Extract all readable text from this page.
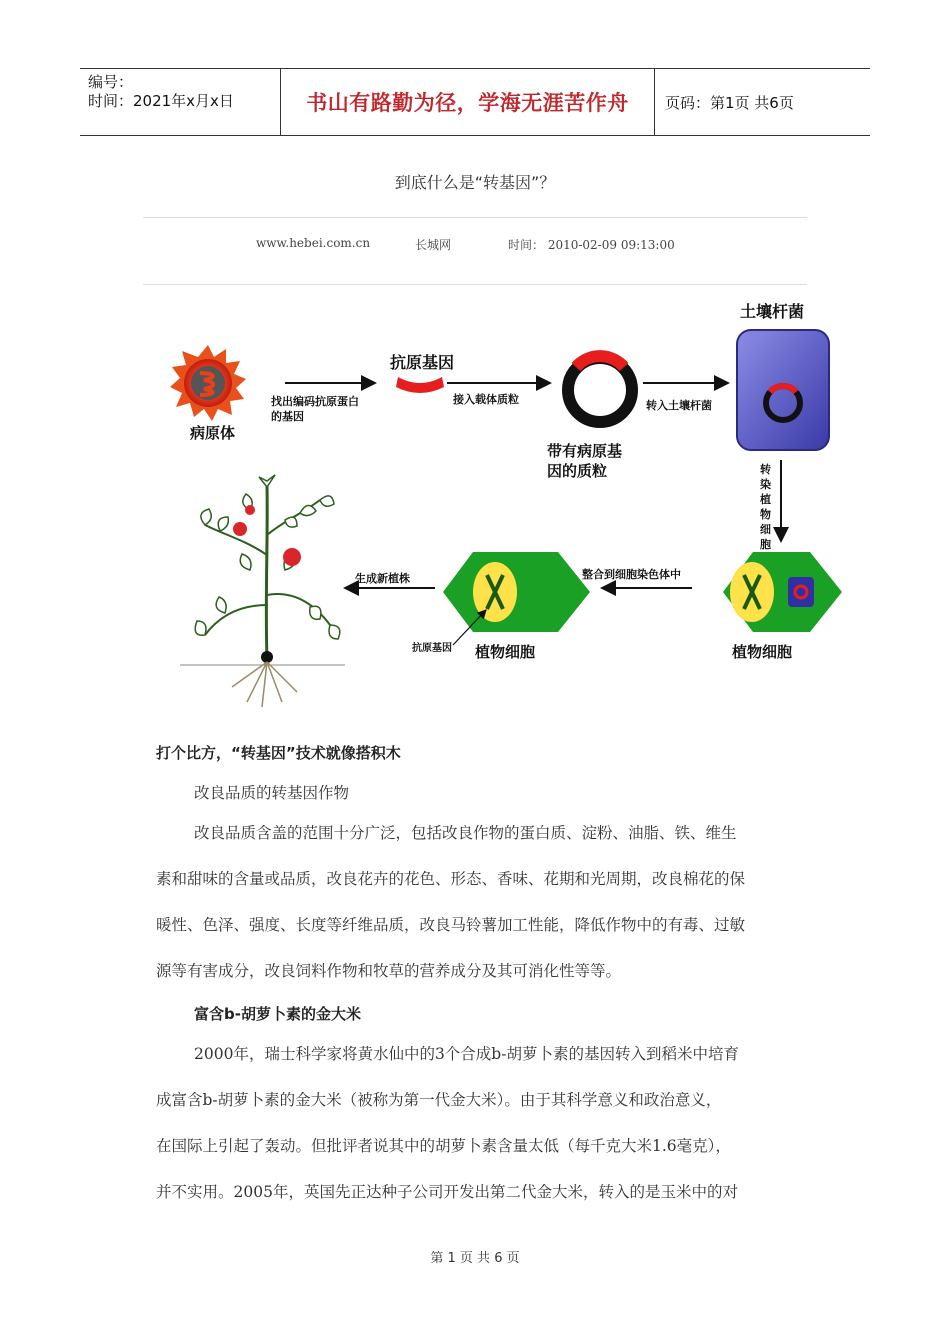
编号：
时间：2021年x月x日	书山有路勤为径，学海无涯苦作舟	页码：第1页 共6页
到底什么是“转基因”？
www.hebei.com.cn	长城网	时间： 2010-02-09 09:13:00
病原体
找出编码抗原蛋白
的基因
抗原基因
接入载体质粒
带有病原基
因的质粒
转入土壤杆菌
土壤杆菌
转染植物细胞
植物细胞
整合到细胞染色体中
植物细胞
抗原基因
生成新植株
打个比方，“转基因”技术就像搭积木
改良品质的转基因作物
改良品质含盖的范围十分广泛，包括改良作物的蛋白质、淀粉、油脂、铁、维生
素和甜味的含量或品质，改良花卉的花色、形态、香味、花期和光周期，改良棉花的保
暖性、色泽、强度、长度等纤维品质，改良马铃薯加工性能，降低作物中的有毒、过敏
源等有害成分，改良饲料作物和牧草的营养成分及其可消化性等等。
富含b-胡萝卜素的金大米
2000年，瑞士科学家将黄水仙中的3个合成b-胡萝卜素的基因转入到稻米中培育
成富含b-胡萝卜素的金大米（被称为第一代金大米）。由于其科学意义和政治意义，
在国际上引起了轰动。但批评者说其中的胡萝卜素含量太低（每千克大米1.6毫克），
并不实用。2005年，英国先正达种子公司开发出第二代金大米，转入的是玉米中的对
第 1 页 共 6 页
